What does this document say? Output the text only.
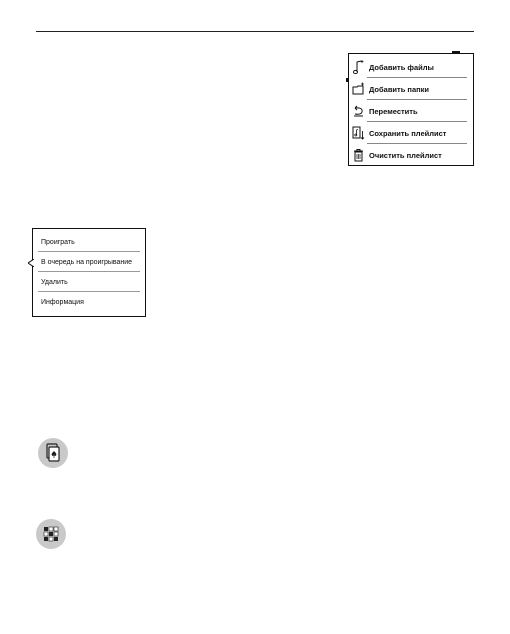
Добавить файлы
Добавить папки
Переместить
Сохранить плейлист
Очистить плейлист
Проиграть
В очередь на проигрывание
Удалить
Информация
